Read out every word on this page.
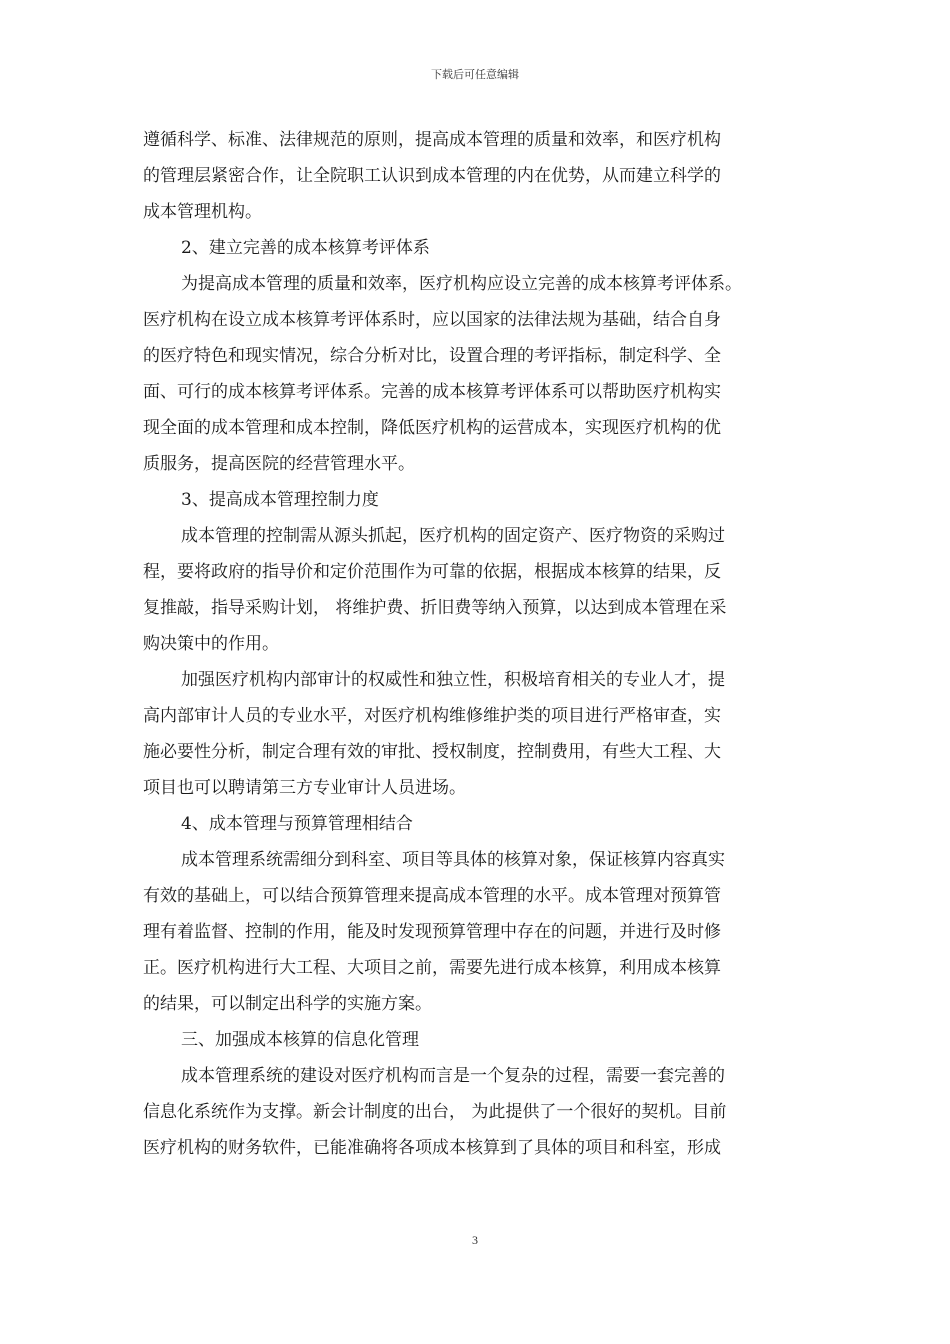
下载后可任意编辑
遵循科学、标准、法律规范的原则，提高成本管理的质量和效率，和医疗机构
的管理层紧密合作，让全院职工认识到成本管理的内在优势，从而建立科学的
成本管理机构。
2、建立完善的成本核算考评体系
为提高成本管理的质量和效率，医疗机构应设立完善的成本核算考评体系。
医疗机构在设立成本核算考评体系时，应以国家的法律法规为基础，结合自身
的医疗特色和现实情况，综合分析对比，设置合理的考评指标，制定科学、全
面、可行的成本核算考评体系。完善的成本核算考评体系可以帮助医疗机构实
现全面的成本管理和成本控制，降低医疗机构的运营成本，实现医疗机构的优
质服务，提高医院的经营管理水平。
3、提高成本管理控制力度
成本管理的控制需从源头抓起，医疗机构的固定资产、医疗物资的采购过
程，要将政府的指导价和定价范围作为可靠的依据，根据成本核算的结果，反
复推敲，指导采购计划， 将维护费、折旧费等纳入预算，以达到成本管理在采
购决策中的作用。
加强医疗机构内部审计的权威性和独立性，积极培育相关的专业人才，提
高内部审计人员的专业水平，对医疗机构维修维护类的项目进行严格审查，实
施必要性分析，制定合理有效的审批、授权制度，控制费用，有些大工程、大
项目也可以聘请第三方专业审计人员进场。
4、成本管理与预算管理相结合
成本管理系统需细分到科室、项目等具体的核算对象，保证核算内容真实
有效的基础上，可以结合预算管理来提高成本管理的水平。成本管理对预算管
理有着监督、控制的作用，能及时发现预算管理中存在的问题，并进行及时修
正。医疗机构进行大工程、大项目之前，需要先进行成本核算，利用成本核算
的结果，可以制定出科学的实施方案。
三、加强成本核算的信息化管理
成本管理系统的建设对医疗机构而言是一个复杂的过程，需要一套完善的
信息化系统作为支撑。新会计制度的出台， 为此提供了一个很好的契机。目前
医疗机构的财务软件，已能准确将各项成本核算到了具体的项目和科室，形成
3
